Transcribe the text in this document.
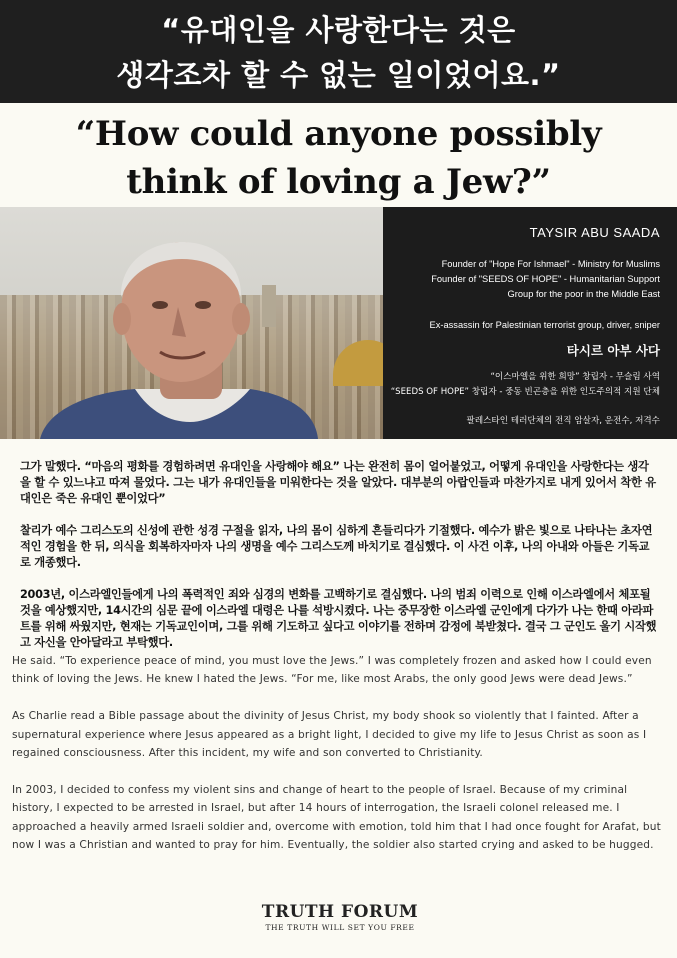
“유대인을 사랑한다는 것은
생각조차 할 수 없는 일이었어요.”
“How could anyone possibly
think of loving a Jew?”
TAYSIR ABU SAADA
Founder of "Hope For Ishmael" - Ministry for Muslims
Founder of "SEEDS OF HOPE" - Humanitarian Support
Group for the poor in the Middle East
Ex-assassin for Palestinian terrorist group, driver, sniper
타시르 아부 사다
“이스마엘을 위한 희망” 창립자 - 무슬림 사역
“SEEDS OF HOPE” 창립자 - 중동 빈곤층을 위한 인도주의적 지원 단체
팔레스타인 테러단체의 전직 암살자, 운전수, 저격수

그가 말했다. “마음의 평화를 경험하려면 유대인을 사랑해야 해요” 나는 완전히 몸이 얼어붙었고, 어떻게 유대인을 사랑한다는 생각을 할 수 있느냐고 따져 물었다. 그는 내가 유대인들을 미워한다는 것을 알았다. 대부분의 아랍인들과 마찬가지로 내게 있어서 착한 유대인은 죽은 유대인 뿐이었다”

찰리가 예수 그리스도의 신성에 관한 성경 구절을 읽자, 나의 몸이 심하게 흔들리다가 기절했다. 예수가 밝은 빛으로 나타나는 초자연적인 경험을 한 뒤, 의식을 회복하자마자 나의 생명을 예수 그리스도께 바치기로 결심했다. 이 사건 이후, 나의 아내와 아들은 기독교로 개종했다.

2003년, 이스라엘인들에게 나의 폭력적인 죄와 심경의 변화를 고백하기로 결심했다. 나의 범죄 이력으로 인해 이스라엘에서 체포될 것을 예상했지만, 14시간의 심문 끝에 이스라엘 대령은 나를 석방시켰다. 나는 중무장한 이스라엘 군인에게 다가가 나는 한때 아라파트를 위해 싸웠지만, 현재는 기독교인이며, 그를 위해 기도하고 싶다고 이야기를 전하며 감정에 북받쳤다. 결국 그 군인도 울기 시작했고 자신을 안아달라고 부탁했다.

He said. “To experience peace of mind, you must love the Jews.” I was completely frozen and asked how I could even think of loving the Jews. He knew I hated the Jews. “For me, like most Arabs, the only good Jews were dead Jews.”

As Charlie read a Bible passage about the divinity of Jesus Christ, my body shook so violently that I fainted. After a supernatural experience where Jesus appeared as a bright light, I decided to give my life to Jesus Christ as soon as I regained consciousness. After this incident, my wife and son converted to Christianity.

In 2003, I decided to confess my violent sins and change of heart to the people of Israel. Because of my criminal history, I expected to be arrested in Israel, but after 14 hours of interrogation, the Israeli colonel released me. I approached a heavily armed Israeli soldier and, overcome with emotion, told him that I had once fought for Arafat, but now I was a Christian and wanted to pray for him. Eventually, the soldier also started crying and asked to be hugged.

TRUTH FORUM
THE TRUTH WILL SET YOU FREE
